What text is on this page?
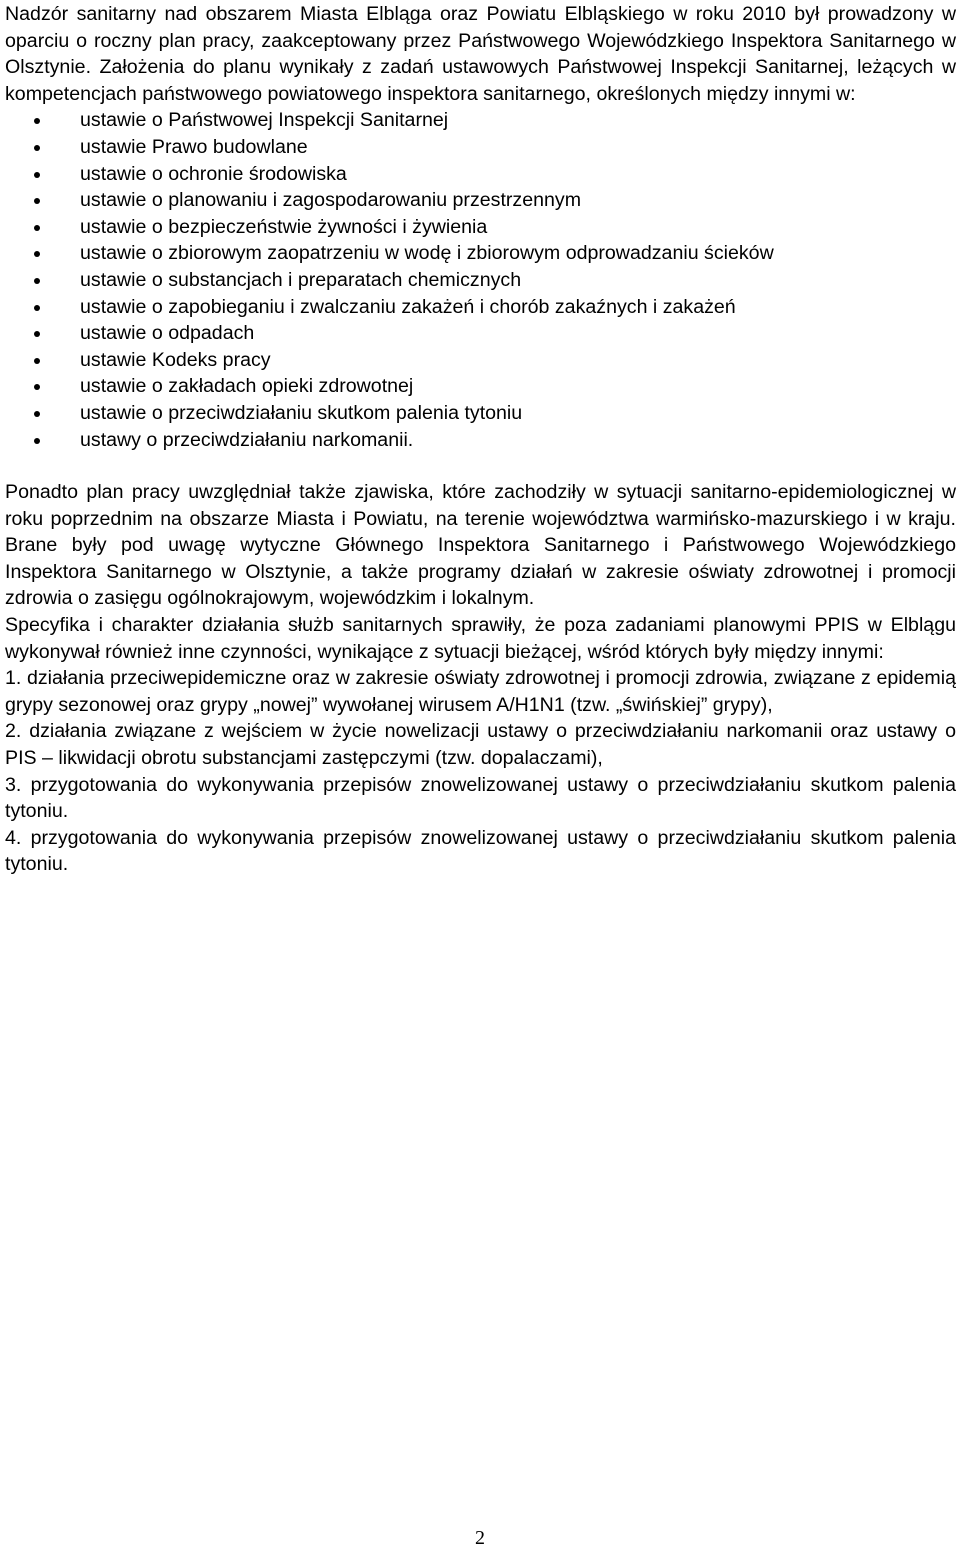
Nadzór sanitarny nad obszarem Miasta Elbląga oraz Powiatu Elbląskiego w roku 2010 był prowadzony w oparciu o roczny plan pracy, zaakceptowany przez Państwowego Wojewódzkiego Inspektora Sanitarnego w Olsztynie. Założenia do planu wynikały z zadań ustawowych Państwowej Inspekcji Sanitarnej, leżących w kompetencjach państwowego powiatowego inspektora sanitarnego, określonych między innymi w:

ustawie o Państwowej Inspekcji Sanitarnej
ustawie Prawo budowlane
ustawie o ochronie środowiska
ustawie o planowaniu i zagospodarowaniu przestrzennym
ustawie o bezpieczeństwie żywności i żywienia
ustawie o zbiorowym zaopatrzeniu w wodę i zbiorowym odprowadzaniu ścieków
ustawie o substancjach i preparatach chemicznych
ustawie o zapobieganiu i zwalczaniu zakażeń i chorób zakaźnych i zakażeń
ustawie o odpadach
ustawie Kodeks pracy
ustawie o zakładach opieki zdrowotnej
ustawie o przeciwdziałaniu skutkom palenia tytoniu
ustawy o przeciwdziałaniu narkomanii.

Ponadto plan pracy uwzględniał także zjawiska, które zachodziły w sytuacji sanitarno-epidemiologicznej w roku poprzednim na obszarze Miasta i Powiatu, na terenie województwa warmińsko-mazurskiego i w kraju. Brane były pod uwagę wytyczne Głównego Inspektora Sanitarnego i Państwowego Wojewódzkiego Inspektora Sanitarnego w Olsztynie, a także programy działań w zakresie oświaty zdrowotnej i promocji zdrowia o zasięgu ogólnokrajowym, wojewódzkim i lokalnym.

Specyfika i charakter działania służb sanitarnych sprawiły, że poza zadaniami planowymi PPIS w Elblągu wykonywał również inne czynności, wynikające z sytuacji bieżącej, wśród których były między innymi:

1. działania przeciwepidemiczne oraz w zakresie oświaty zdrowotnej i promocji zdrowia, związane z epidemią grypy sezonowej oraz grypy „nowej” wywołanej wirusem A/H1N1 (tzw. „świńskiej” grypy),
2. działania związane z wejściem w życie nowelizacji ustawy o przeciwdziałaniu narkomanii oraz ustawy o PIS – likwidacji obrotu substancjami zastępczymi (tzw. dopalaczami),
3. przygotowania do wykonywania przepisów znowelizowanej ustawy o przeciwdziałaniu skutkom palenia tytoniu.
4. przygotowania do wykonywania przepisów znowelizowanej ustawy o przeciwdziałaniu skutkom palenia tytoniu.
2
